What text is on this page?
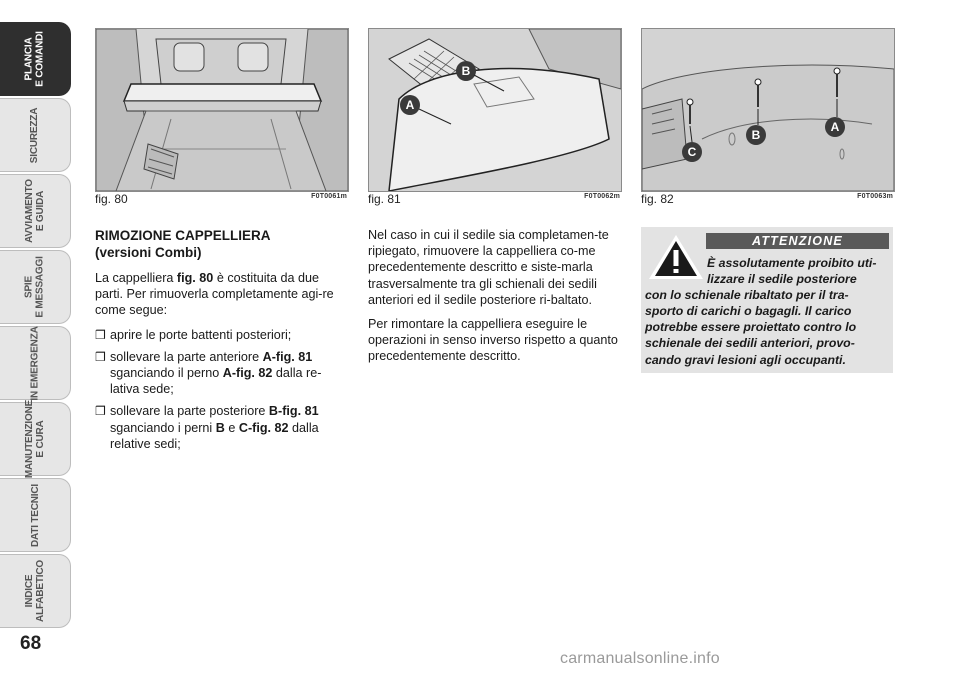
PLANCIA
E COMANDI
SICUREZZA
AVVIAMENTO
E GUIDA
SPIE
E MESSAGGI
IN EMERGENZA
MANUTENZIONE
E CURA
DATI TECNICI
INDICE
ALFABETICO
68
fig. 80	F0T0061m
B
A
fig. 81	F0T0062m
A
B
C
fig. 82	F0T0063m
RIMOZIONE CAPPELLIERA
(versioni Combi)

La cappelliera fig. 80 è costituita da due parti. Per rimuoverla completamente agi-re come segue:

❒ aprire le porte battenti posteriori;
❒ sollevare la parte anteriore A-fig. 81 sganciando il perno A-fig. 82 dalla re-lativa sede;
❒ sollevare la parte posteriore B-fig. 81 sganciando i perni B e C-fig. 82 dalla relative sedi;

Nel caso in cui il sedile sia completamen-te ripiegato, rimuovere la cappelliera co-me precedentemente descritto e siste-marla trasversalmente tra gli schienali dei sedili anteriori ed il sedile posteriore ri-baltato.

Per rimontare la cappelliera eseguire le operazioni in senso inverso rispetto a quanto precedentemente descritto.

ATTENZIONE
È assolutamente proibito uti-
lizzare il sedile posteriore
con lo schienale ribaltato per il tra-
sporto di carichi o bagagli. Il carico
potrebbe essere proiettato contro lo
schienale dei sedili anteriori, provo-
cando gravi lesioni agli occupanti.
carmanualsonline.info
